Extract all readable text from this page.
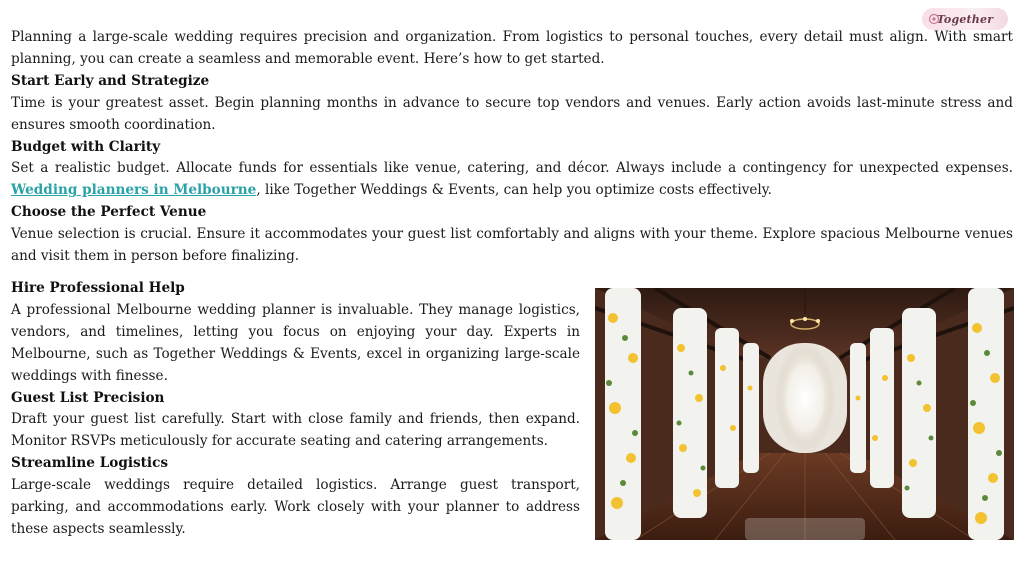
Together

Planning a large-scale wedding requires precision and organization. From logistics to personal touches, every detail must align. With smart planning, you can create a seamless and memorable event. Here’s how to get started.

Start Early and Strategize

Time is your greatest asset. Begin planning months in advance to secure top vendors and venues. Early action avoids last-minute stress and ensures smooth coordination.

Budget with Clarity

Set a realistic budget. Allocate funds for essentials like venue, catering, and décor. Always include a contingency for unexpected expenses. Wedding planners in Melbourne, like Together Weddings & Events, can help you optimize costs effectively.

Choose the Perfect Venue

Venue selection is crucial. Ensure it accommodates your guest list comfortably and aligns with your theme. Explore spacious Melbourne venues and visit them in person before finalizing.

Hire Professional Help

A professional Melbourne wedding planner is invaluable. They manage logistics, vendors, and timelines, letting you focus on enjoying your day. Experts in Melbourne, such as Together Weddings & Events, excel in organizing large-scale weddings with finesse.

Guest List Precision

Draft your guest list carefully. Start with close family and friends, then expand. Monitor RSVPs meticulously for accurate seating and catering arrangements.

Streamline Logistics

Large-scale weddings require detailed logistics. Arrange guest transport, parking, and accommodations early. Work closely with your planner to address these aspects seamlessly.
